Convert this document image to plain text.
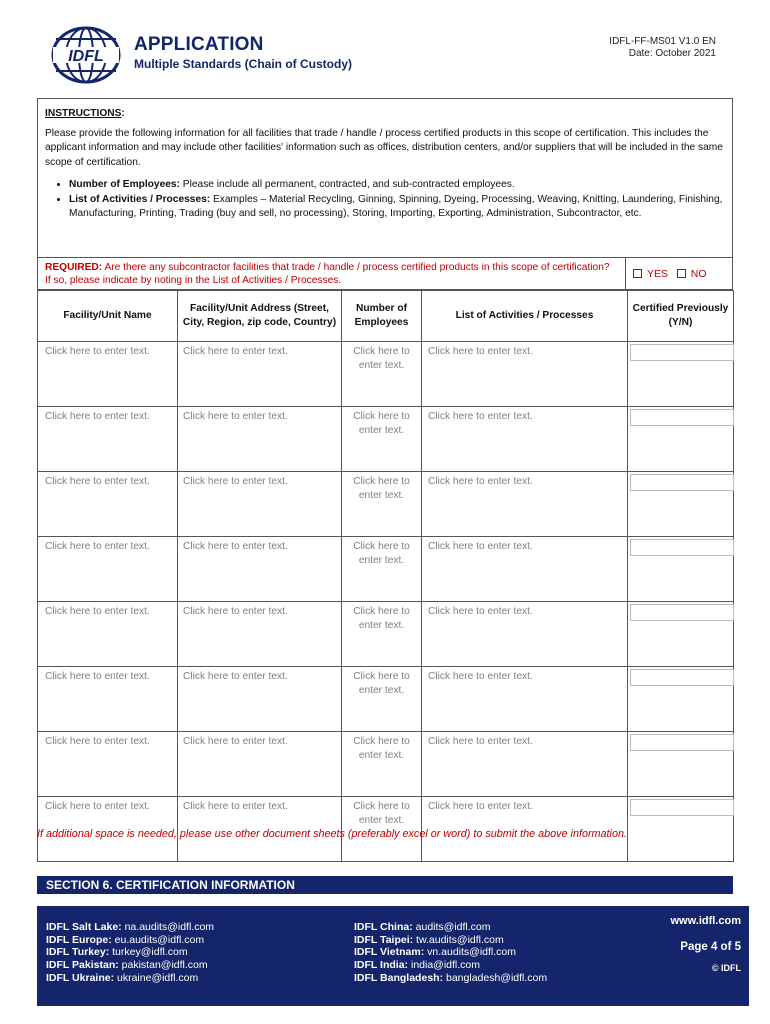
IDFL
APPLICATION
Multiple Standards (Chain of Custody)
IDFL-FF-MS01 V1.0 EN
Date: October 2021
INSTRUCTIONS:
Please provide the following information for all facilities that trade / handle / process certified products in this scope of certification. This includes the applicant information and may include other facilities' information such as offices, distribution centers, and/or suppliers that will be included in the same scope of certification.
• Number of Employees: Please include all permanent, contracted, and sub-contracted employees.
• List of Activities / Processes: Examples – Material Recycling, Ginning, Spinning, Dyeing, Processing, Weaving, Knitting, Laundering, Finishing, Manufacturing, Printing, Trading (buy and sell, no processing), Storing, Importing, Exporting, Administration, Subcontractor, etc.
REQUIRED: Are there any subcontractor facilities that trade / handle / process certified products in this scope of certification? If so, please indicate by noting in the List of Activities / Processes.	YES NO
Facility/Unit Name	Facility/Unit Address (Street, City, Region, zip code, Country)	Number of Employees	List of Activities / Processes	Certified Previously (Y/N)
Click here to enter text.	Click here to enter text.	Click here to enter text.	Click here to enter text.	

Click here to enter text.	Click here to enter text.	Click here to enter text.	Click here to enter text.	

Click here to enter text.	Click here to enter text.	Click here to enter text.	Click here to enter text.	

Click here to enter text.	Click here to enter text.	Click here to enter text.	Click here to enter text.	

Click here to enter text.	Click here to enter text.	Click here to enter text.	Click here to enter text.	

Click here to enter text.	Click here to enter text.	Click here to enter text.	Click here to enter text.	

Click here to enter text.	Click here to enter text.	Click here to enter text.	Click here to enter text.	

Click here to enter text.	Click here to enter text.	Click here to enter text.	Click here to enter text.	
If additional space is needed, please use other document sheets (preferably excel or word) to submit the above information.
SECTION 6. CERTIFICATION INFORMATION
IDFL Salt Lake: na.audits@idfl.com
IDFL Europe: eu.audits@idfl.com
IDFL Turkey: turkey@idfl.com
IDFL Pakistan: pakistan@idfl.com
IDFL Ukraine: ukraine@idfl.com
IDFL China: audits@idfl.com
IDFL Taipei: tw.audits@idfl.com
IDFL Vietnam: vn.audits@idfl.com
IDFL India: india@idfl.com
IDFL Bangladesh: bangladesh@idfl.com
www.idfl.com
Page 4 of 5
© IDFL
